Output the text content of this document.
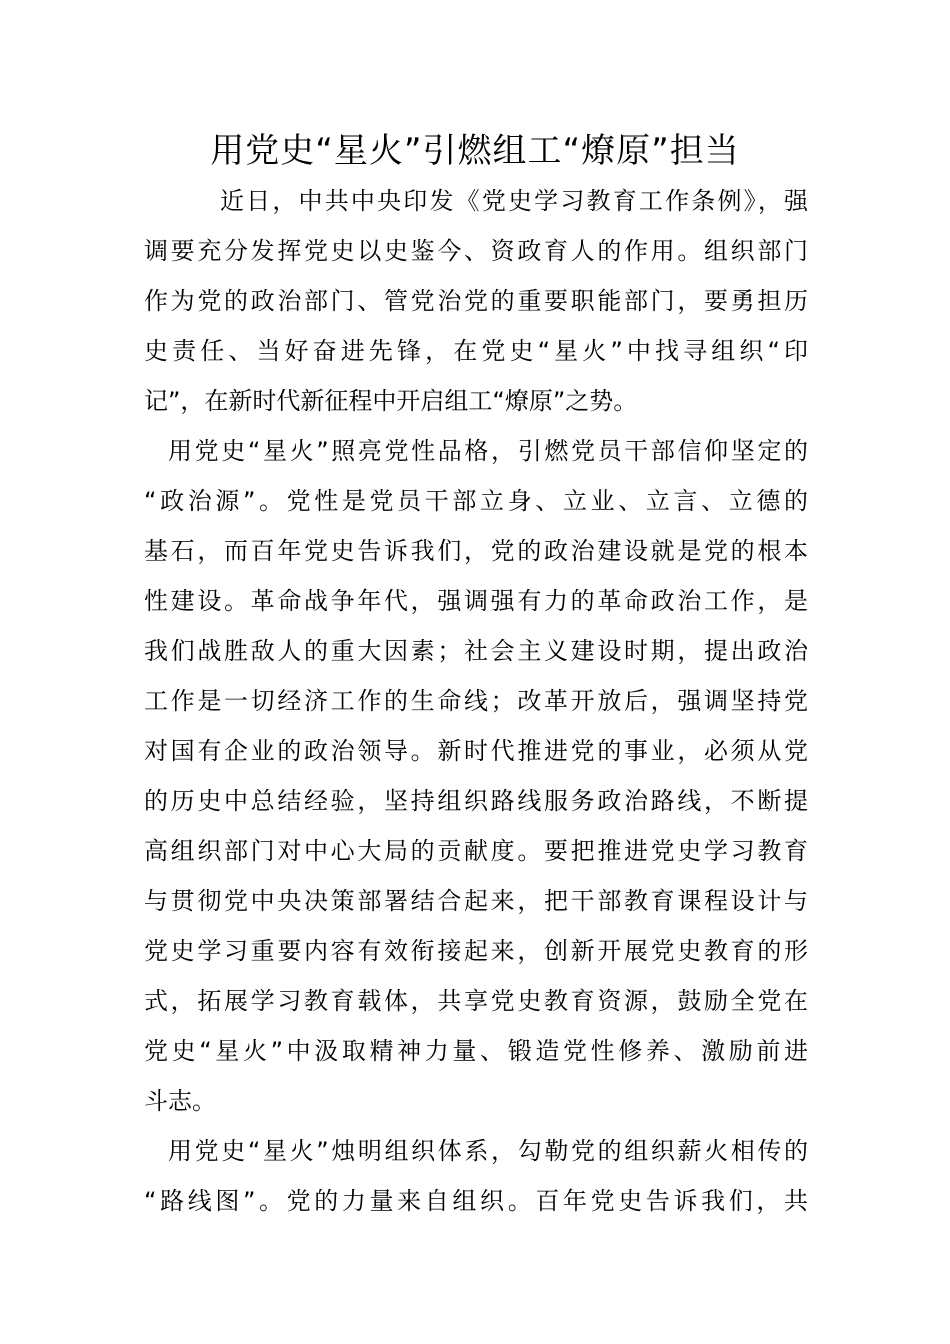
用党史“星火”引燃组工“燎原”担当

近日，中共中央印发《党史学习教育工作条例》，强
调要充分发挥党史以史鉴今、资政育人的作用。组织部门
作为党的政治部门、管党治党的重要职能部门，要勇担历
史责任、当好奋进先锋，在党史“星火”中找寻组织“印
记”，在新时代新征程中开启组工“燎原”之势。

用党史“星火”照亮党性品格，引燃党员干部信仰坚定的
“政治源”。党性是党员干部立身、立业、立言、立德的
基石，而百年党史告诉我们，党的政治建设就是党的根本
性建设。革命战争年代，强调强有力的革命政治工作，是
我们战胜敌人的重大因素；社会主义建设时期，提出政治
工作是一切经济工作的生命线；改革开放后，强调坚持党
对国有企业的政治领导。新时代推进党的事业，必须从党
的历史中总结经验，坚持组织路线服务政治路线，不断提
高组织部门对中心大局的贡献度。要把推进党史学习教育
与贯彻党中央决策部署结合起来，把干部教育课程设计与
党史学习重要内容有效衔接起来，创新开展党史教育的形
式，拓展学习教育载体，共享党史教育资源，鼓励全党在
党史“星火”中汲取精神力量、锻造党性修养、激励前进
斗志。

用党史“星火”烛明组织体系，勾勒党的组织薪火相传的
“路线图”。党的力量来自组织。百年党史告诉我们，共
